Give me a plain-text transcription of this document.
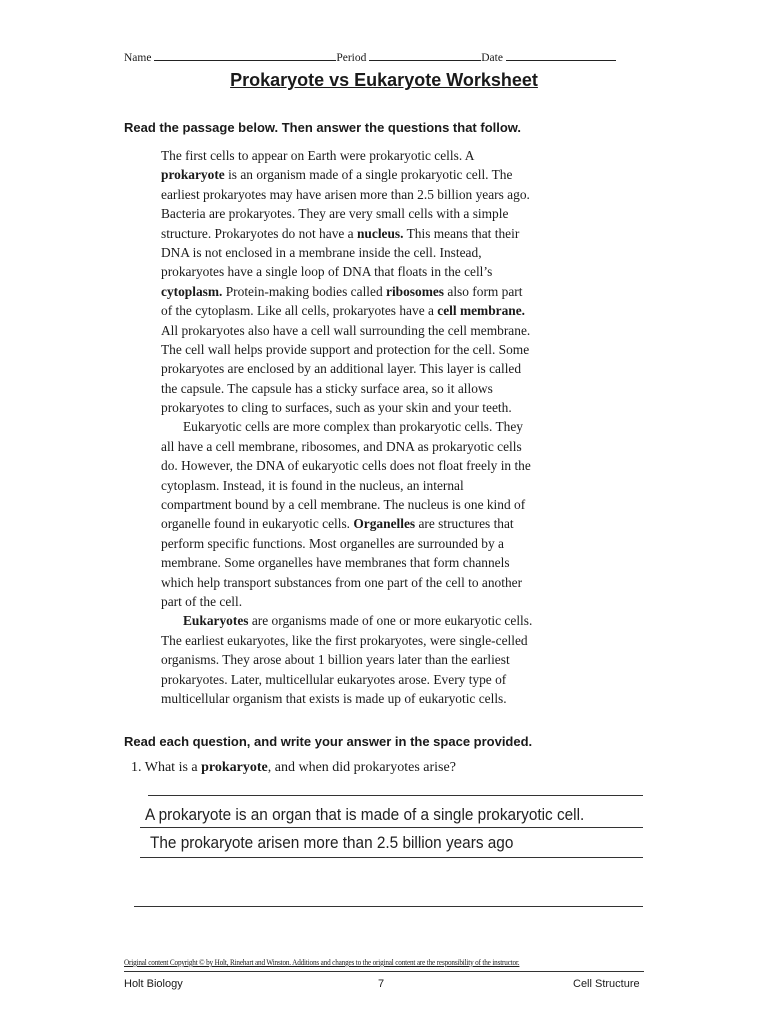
Name	Period	Date
Prokaryote vs Eukaryote Worksheet
Read the passage below. Then answer the questions that follow.
The first cells to appear on Earth were prokaryotic cells. A
prokaryote is an organism made of a single prokaryotic cell. The
earliest prokaryotes may have arisen more than 2.5 billion years ago.
Bacteria are prokaryotes. They are very small cells with a simple
structure. Prokaryotes do not have a nucleus. This means that their
DNA is not enclosed in a membrane inside the cell. Instead,
prokaryotes have a single loop of DNA that floats in the cell’s
cytoplasm. Protein-making bodies called ribosomes also form part
of the cytoplasm. Like all cells, prokaryotes have a cell membrane.
All prokaryotes also have a cell wall surrounding the cell membrane.
The cell wall helps provide support and protection for the cell. Some
prokaryotes are enclosed by an additional layer. This layer is called
the capsule. The capsule has a sticky surface area, so it allows
prokaryotes to cling to surfaces, such as your skin and your teeth.
Eukaryotic cells are more complex than prokaryotic cells. They
all have a cell membrane, ribosomes, and DNA as prokaryotic cells
do. However, the DNA of eukaryotic cells does not float freely in the
cytoplasm. Instead, it is found in the nucleus, an internal
compartment bound by a cell membrane. The nucleus is one kind of
organelle found in eukaryotic cells. Organelles are structures that
perform specific functions. Most organelles are surrounded by a
membrane. Some organelles have membranes that form channels
which help transport substances from one part of the cell to another
part of the cell.
Eukaryotes are organisms made of one or more eukaryotic cells.
The earliest eukaryotes, like the first prokaryotes, were single-celled
organisms. They arose about 1 billion years later than the earliest
prokaryotes. Later, multicellular eukaryotes arose. Every type of
multicellular organism that exists is made up of eukaryotic cells.
Read each question, and write your answer in the space provided.
1. What is a prokaryote, and when did prokaryotes arise?
A prokaryote is an organ that is made of a single prokaryotic cell.
The prokaryote arisen more than 2.5 billion years ago
Original content Copyright © by Holt, Rinehart and Winston. Additions and changes to the original content are the responsibility of the instructor.
Holt Biology	7	Cell Structure
